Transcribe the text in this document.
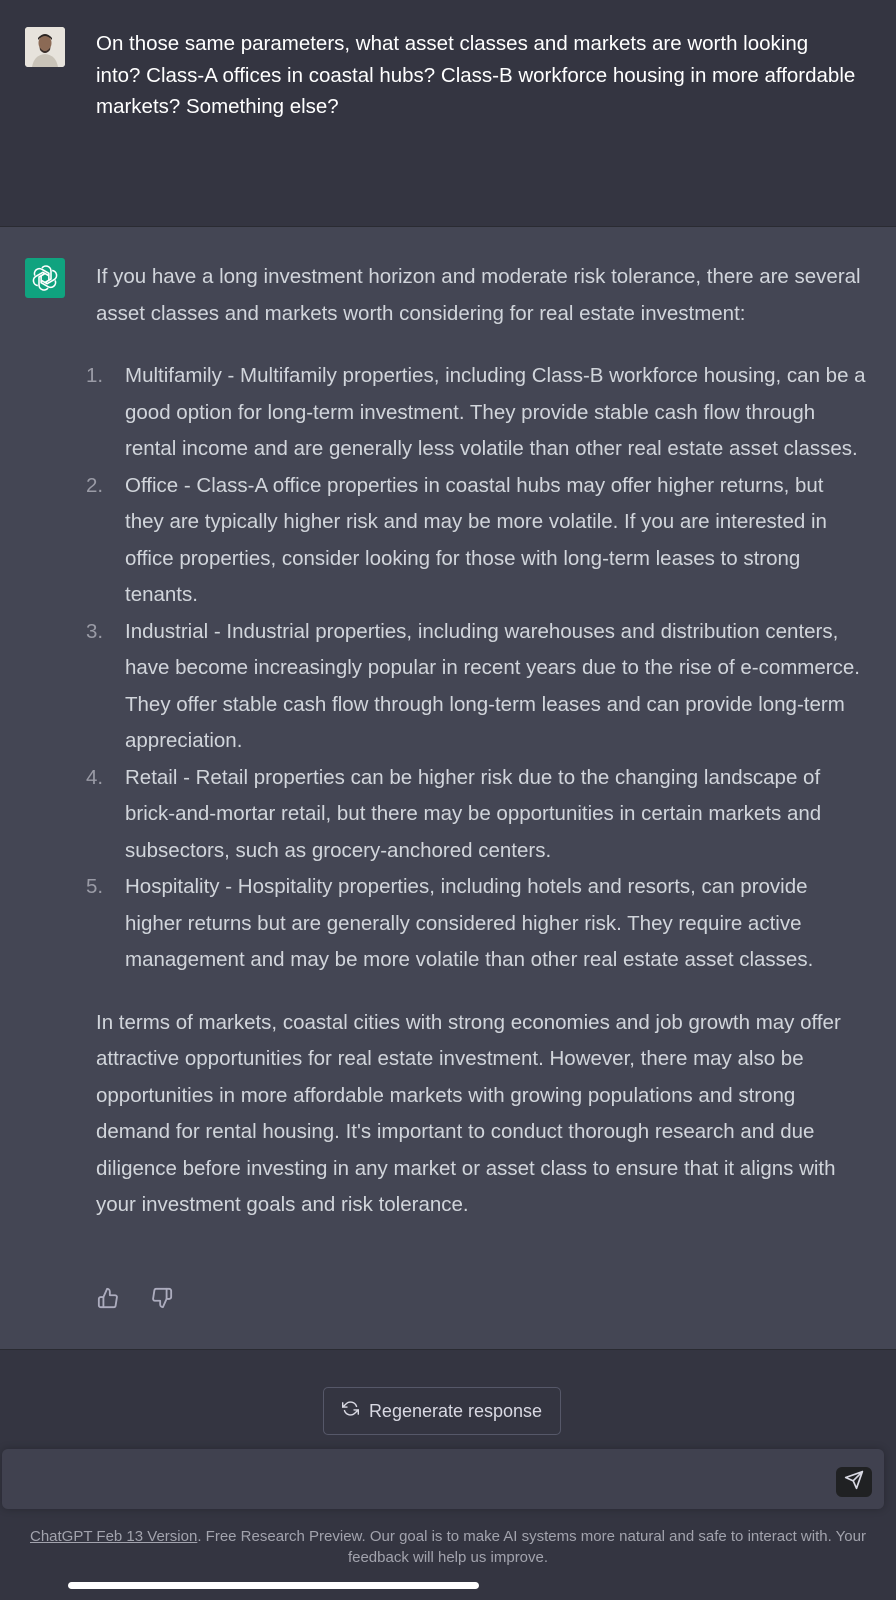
On those same parameters, what asset classes and markets are worth looking into? Class-A offices in coastal hubs? Class-B workforce housing in more affordable markets? Something else?

If you have a long investment horizon and moderate risk tolerance, there are several asset classes and markets worth considering for real estate investment:

1.	Multifamily - Multifamily properties, including Class-B workforce housing, can be a good option for long-term investment. They provide stable cash flow through rental income and are generally less volatile than other real estate asset classes.
2.	Office - Class-A office properties in coastal hubs may offer higher returns, but they are typically higher risk and may be more volatile. If you are interested in office properties, consider looking for those with long-term leases to strong tenants.
3.	Industrial - Industrial properties, including warehouses and distribution centers, have become increasingly popular in recent years due to the rise of e-commerce. They offer stable cash flow through long-term leases and can provide long-term appreciation.
4.	Retail - Retail properties can be higher risk due to the changing landscape of brick-and-mortar retail, but there may be opportunities in certain markets and subsectors, such as grocery-anchored centers.
5.	Hospitality - Hospitality properties, including hotels and resorts, can provide higher returns but are generally considered higher risk. They require active management and may be more volatile than other real estate asset classes.

In terms of markets, coastal cities with strong economies and job growth may offer attractive opportunities for real estate investment. However, there may also be opportunities in more affordable markets with growing populations and strong demand for rental housing. It's important to conduct thorough research and due diligence before investing in any market or asset class to ensure that it aligns with your investment goals and risk tolerance.

Regenerate response
ChatGPT Feb 13 Version. Free Research Preview. Our goal is to make AI systems more natural and safe to interact with. Your feedback will help us improve.
